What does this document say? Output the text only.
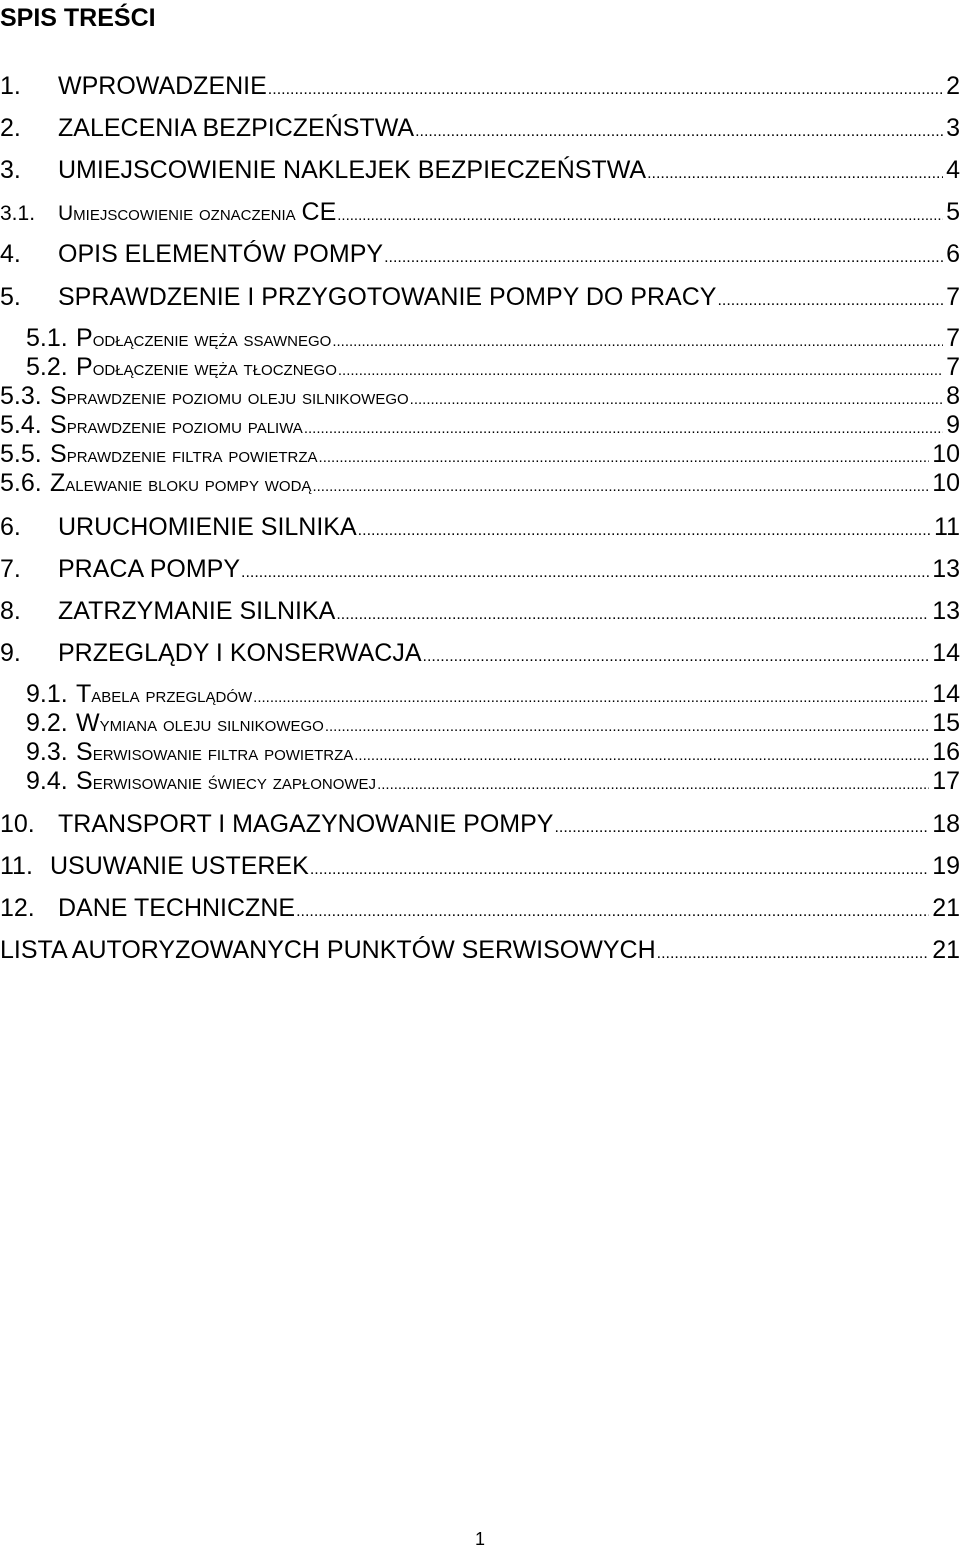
SPIS TREŚCI
1.	WPROWADZENIE .....	2
2.	ZALECENIA BEZPICZEŃSTWA .....	3
3.	UMIEJSCOWIENIE NAKLEJEK BEZPIECZEŃSTWA .....	4
3.1.	Umiejscowienie oznaczenia CE .....	5
4.	OPIS ELEMENTÓW POMPY .....	6
5.	SPRAWDZENIE I PRZYGOTOWANIE POMPY DO PRACY .....	7
5.1. Podłączenie węża ssawnego .....	7
5.2. Podłączenie węża tłocznego .....	7
5.3. Sprawdzenie poziomu oleju silnikowego .....	8
5.4. Sprawdzenie poziomu paliwa .....	9
5.5. Sprawdzenie filtra powietrza .....	10
5.6. Zalewanie bloku pompy wodą .....	10
6.	URUCHOMIENIE SILNIKA .....	11
7.	PRACA POMPY .....	13
8.	ZATRZYMANIE SILNIKA .....	13
9.	PRZEGLĄDY I KONSERWACJA .....	14
9.1. Tabela przeglądów .....	14
9.2. Wymiana oleju silnikowego .....	15
9.3. Serwisowanie filtra powietrza .....	16
9.4. Serwisowanie świecy zapłonowej .....	17
10. TRANSPORT I MAGAZYNOWANIE POMPY .....	18
11. USUWANIE USTEREK .....	19
12. DANE TECHNICZNE .....	21
LISTA AUTORYZOWANYCH PUNKTÓW SERWISOWYCH .....	21
1
